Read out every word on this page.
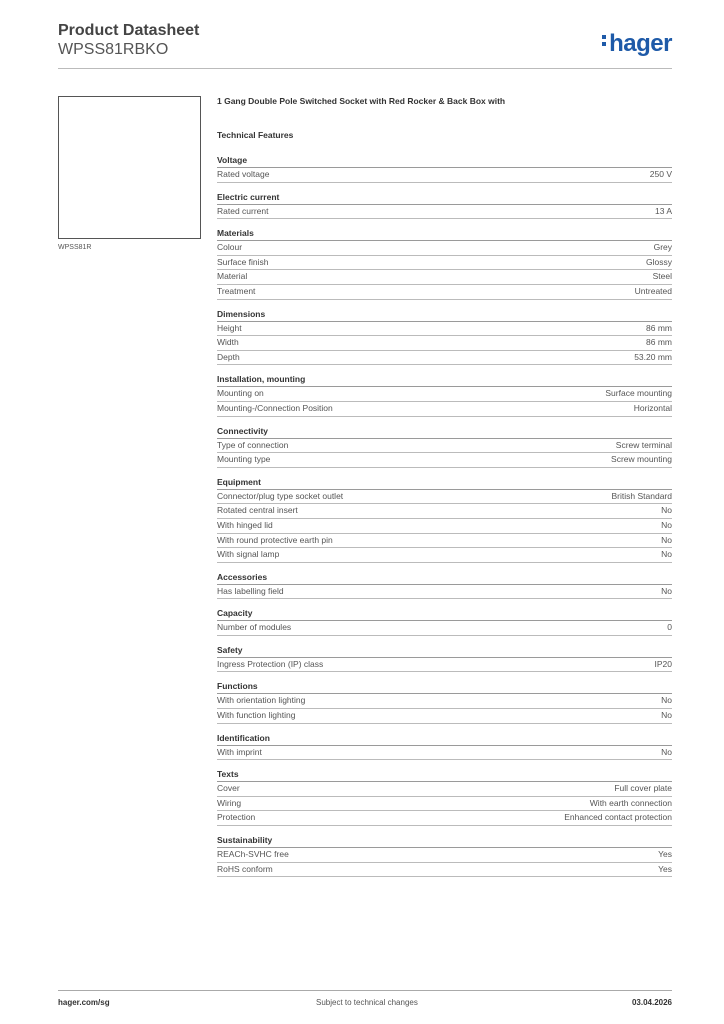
Product Datasheet
WPSS81RBKO	hager
WPSS81R
1 Gang Double Pole Switched Socket with Red Rocker & Back Box with
Technical Features
Voltage
Rated voltage	250 V
Electric current
Rated current	13 A
Materials
Colour	Grey
Surface finish	Glossy
Material	Steel
Treatment	Untreated
Dimensions
Height	86 mm
Width	86 mm
Depth	53.20 mm
Installation, mounting
Mounting on	Surface mounting
Mounting-/Connection Position	Horizontal
Connectivity
Type of connection	Screw terminal
Mounting type	Screw mounting
Equipment
Connector/plug type socket outlet	British Standard
Rotated central insert	No
With hinged lid	No
With round protective earth pin	No
With signal lamp	No
Accessories
Has labelling field	No
Capacity
Number of modules	0
Safety
Ingress Protection (IP) class	IP20
Functions
With orientation lighting	No
With function lighting	No
Identification
With imprint	No
Texts
Cover	Full cover plate
Wiring	With earth connection
Protection	Enhanced contact protection
Sustainability
REACh-SVHC free	Yes
RoHS conform	Yes
hager.com/sg	Subject to technical changes	03.04.2026
